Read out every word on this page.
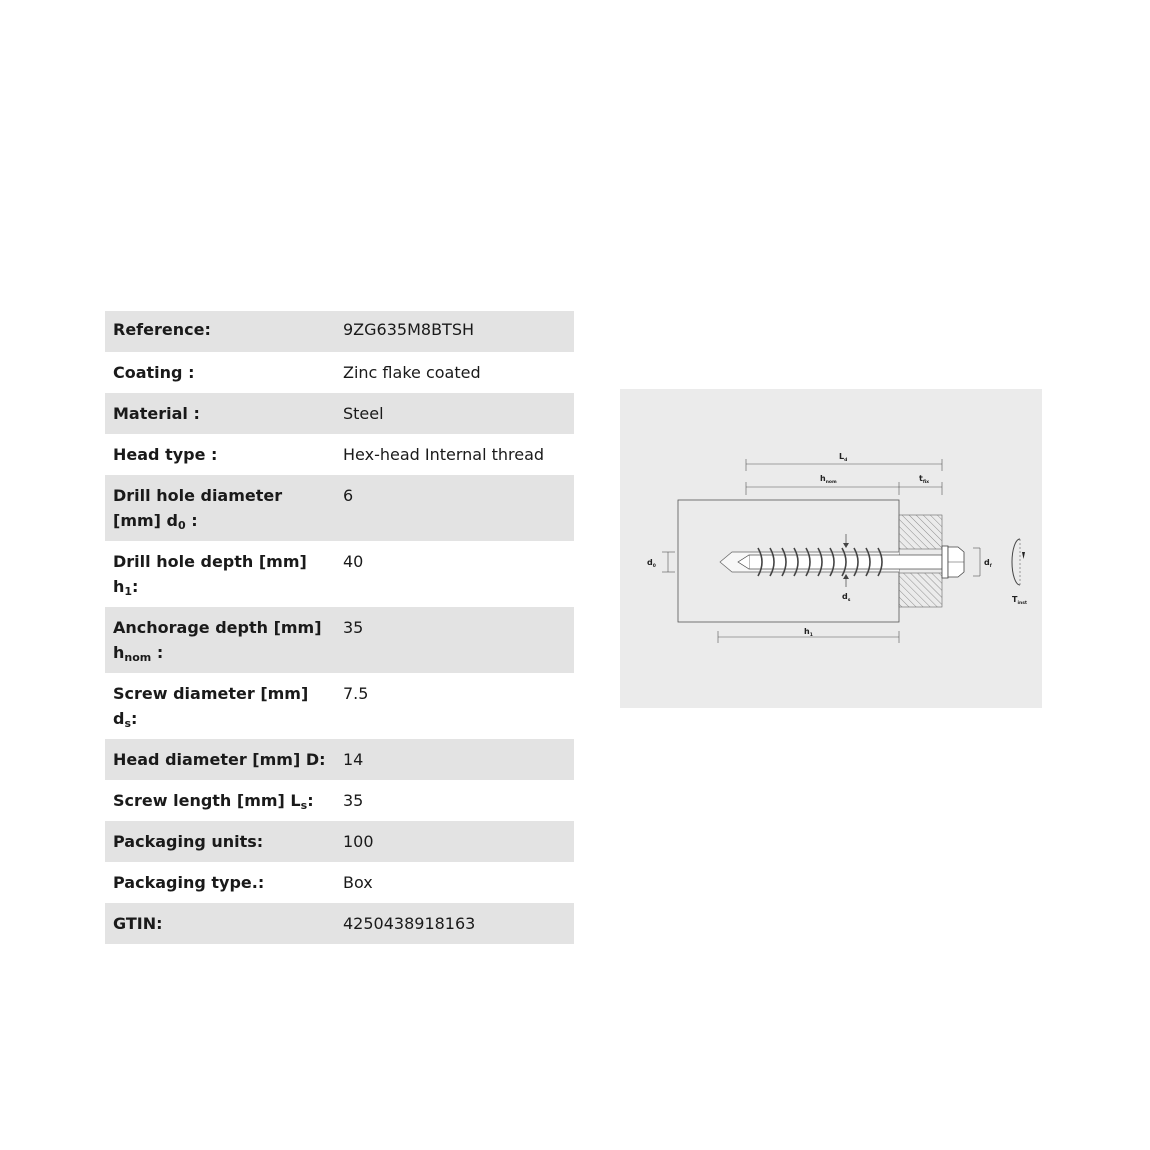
Reference:	9ZG635M8BTSH
Coating :	Zinc flake coated
Material :	Steel
Head type :	Hex-head Internal thread
Drill hole diameter [mm] $d_0$ :	6
Drill hole depth [mm] $h_1$:	40
Anchorage depth [mm] $h_{nom}$ :	35
Screw diameter [mm] $d_s$:	7.5
Head diameter [mm] D:	14
Screw length [mm] $L_s$:	35
Packaging units:	100
Packaging type.:	Box
GTIN:	4250438918163
$L_d$
$h_{nom}$	$t_{fix}$
$d_0$
$d_s$
$d_f$
$h_1$
$T_{inst}$
